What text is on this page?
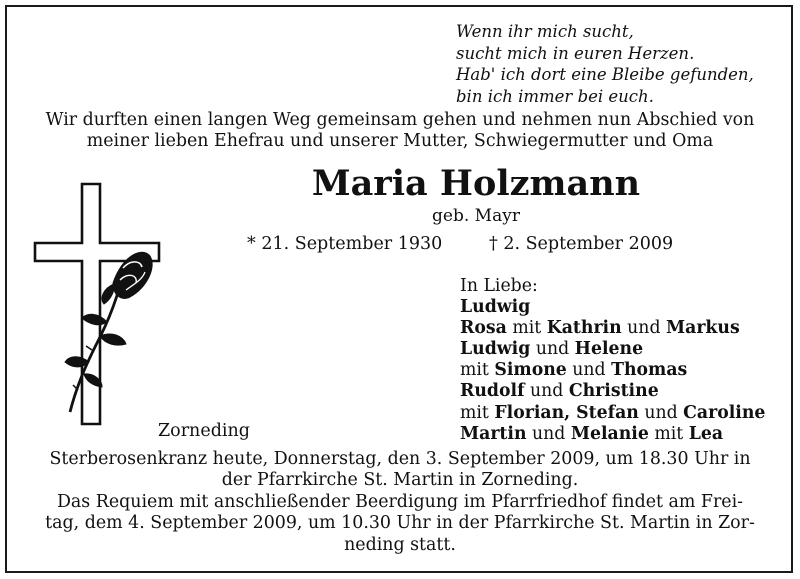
Wenn ihr mich sucht,
sucht mich in euren Herzen.
Hab' ich dort eine Bleibe gefunden,
bin ich immer bei euch.
Wir durften einen langen Weg gemeinsam gehen und nehmen nun Abschied von
meiner lieben Ehefrau und unserer Mutter, Schwiegermutter und Oma
Maria Holzmann
geb. Mayr
* 21. September 1930	† 2. September 2009
Zorneding
In Liebe:
Ludwig
Rosa mit Kathrin und Markus
Ludwig und Helene
mit Simone und Thomas
Rudolf und Christine
mit Florian, Stefan und Caroline
Martin und Melanie mit Lea

Sterberosenkranz heute, Donnerstag, den 3. September 2009, um 18.30 Uhr in
der Pfarrkirche St. Martin in Zorneding.

Das Requiem mit anschließender Beerdigung im Pfarrfriedhof findet am Frei-
tag, dem 4. September 2009, um 10.30 Uhr in der Pfarrkirche St. Martin in Zor-
neding statt.
